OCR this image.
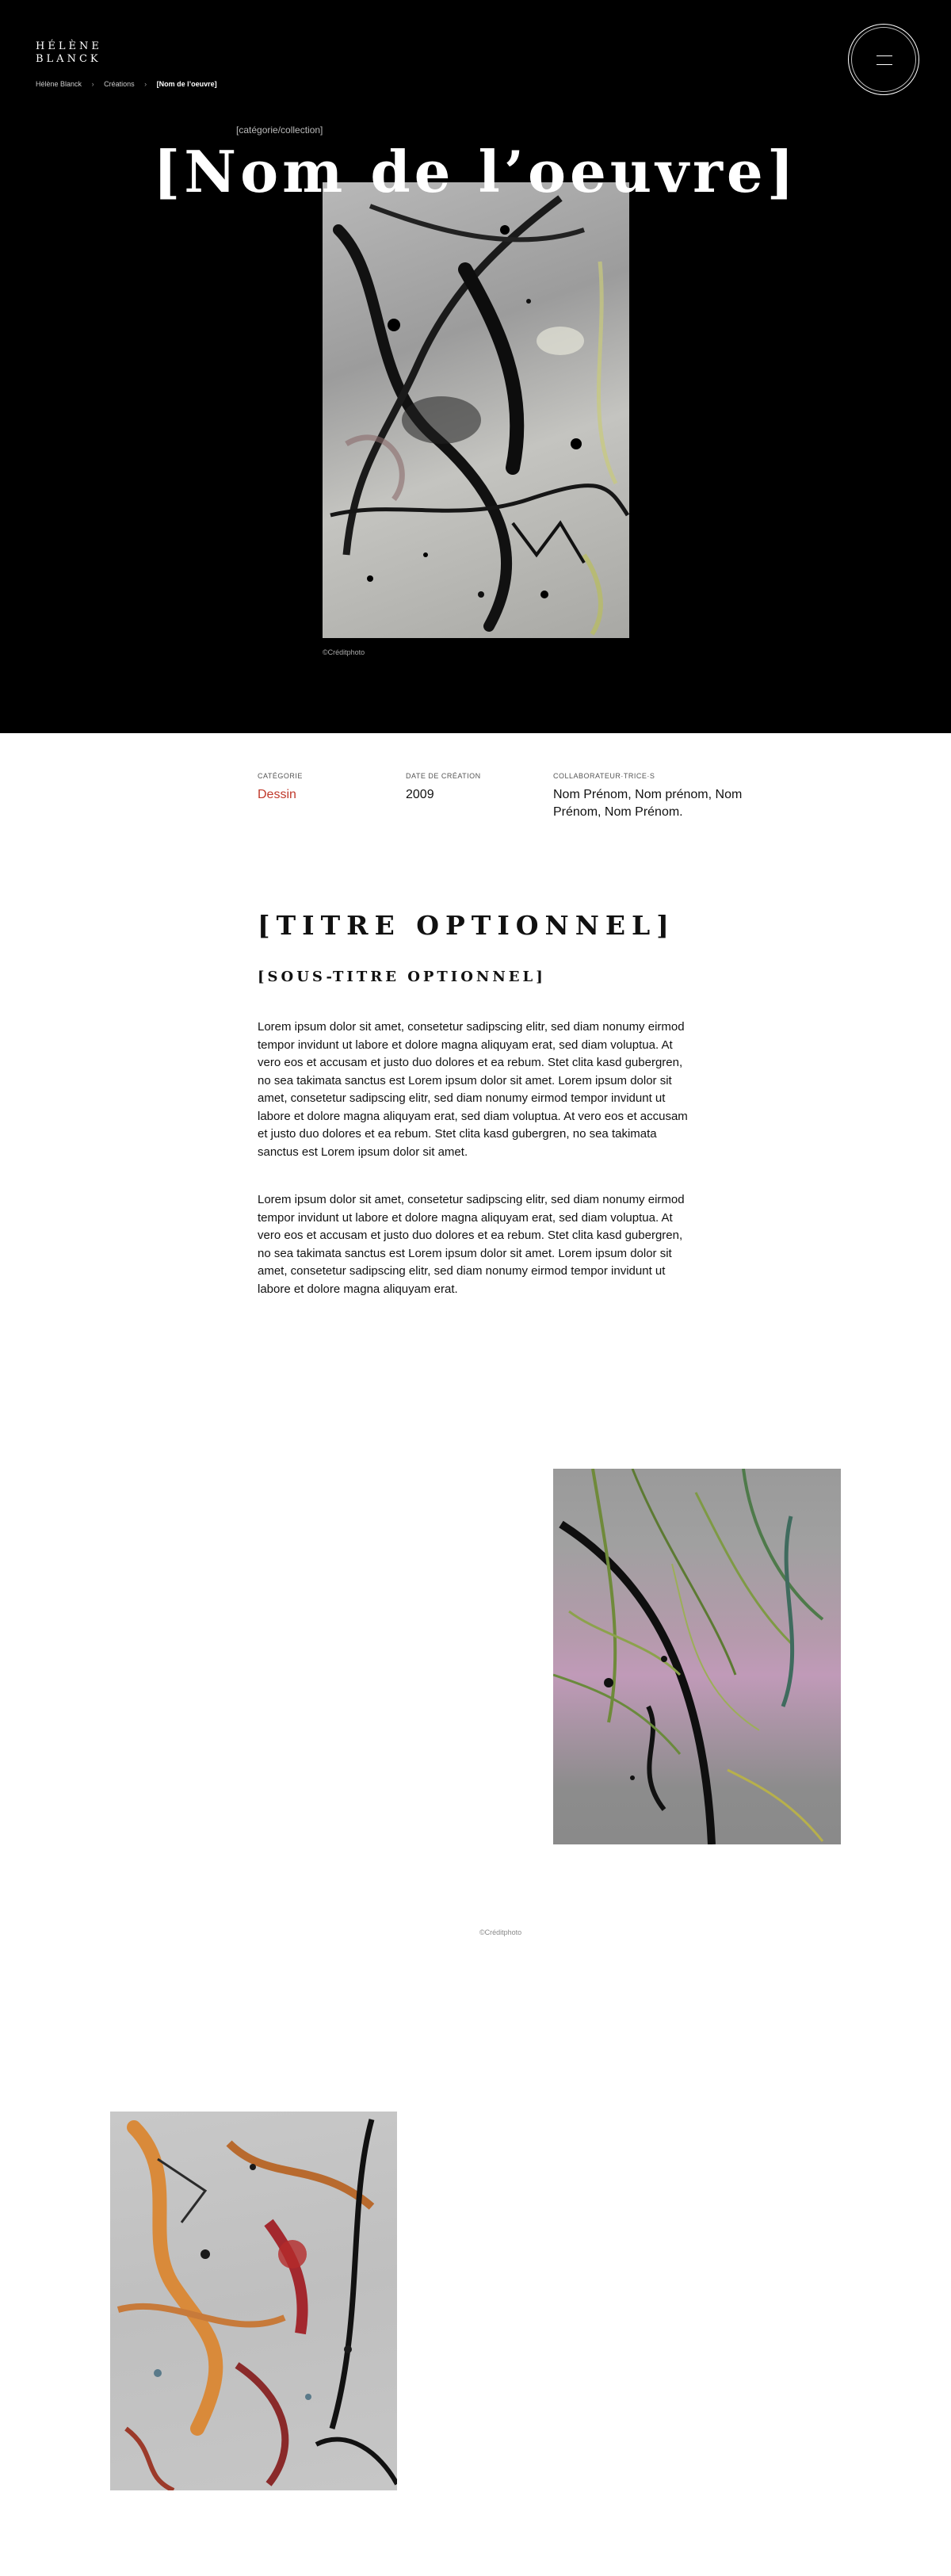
HÉLÈNE
BLANCK
Hélène Blanck › Créations › [Nom de l’oeuvre]
[catégorie/collection]
[Nom de l’oeuvre]
©Créditphoto
CATÉGORIE
Dessin
DATE DE CRÉATION
2009
COLLABORATEUR·TRICE·S
Nom Prénom, Nom prénom, Nom Prénom, Nom Prénom.
[TITRE OPTIONNEL]
[SOUS-TITRE OPTIONNEL]

Lorem ipsum dolor sit amet, consetetur sadipscing elitr, sed diam nonumy eirmod tempor invidunt ut labore et dolore magna aliquyam erat, sed diam voluptua. At vero eos et accusam et justo duo dolores et ea rebum. Stet clita kasd gubergren, no sea takimata sanctus est Lorem ipsum dolor sit amet. Lorem ipsum dolor sit amet, consetetur sadipscing elitr, sed diam nonumy eirmod tempor invidunt ut labore et dolore magna aliquyam erat, sed diam voluptua. At vero eos et accusam et justo duo dolores et ea rebum. Stet clita kasd gubergren, no sea takimata sanctus est Lorem ipsum dolor sit amet.

Lorem ipsum dolor sit amet, consetetur sadipscing elitr, sed diam nonumy eirmod tempor invidunt ut labore et dolore magna aliquyam erat, sed diam voluptua. At vero eos et accusam et justo duo dolores et ea rebum. Stet clita kasd gubergren, no sea takimata sanctus est Lorem ipsum dolor sit amet. Lorem ipsum dolor sit amet, consetetur sadipscing elitr, sed diam nonumy eirmod tempor invidunt ut labore et dolore magna aliquyam erat.

©Créditphoto
